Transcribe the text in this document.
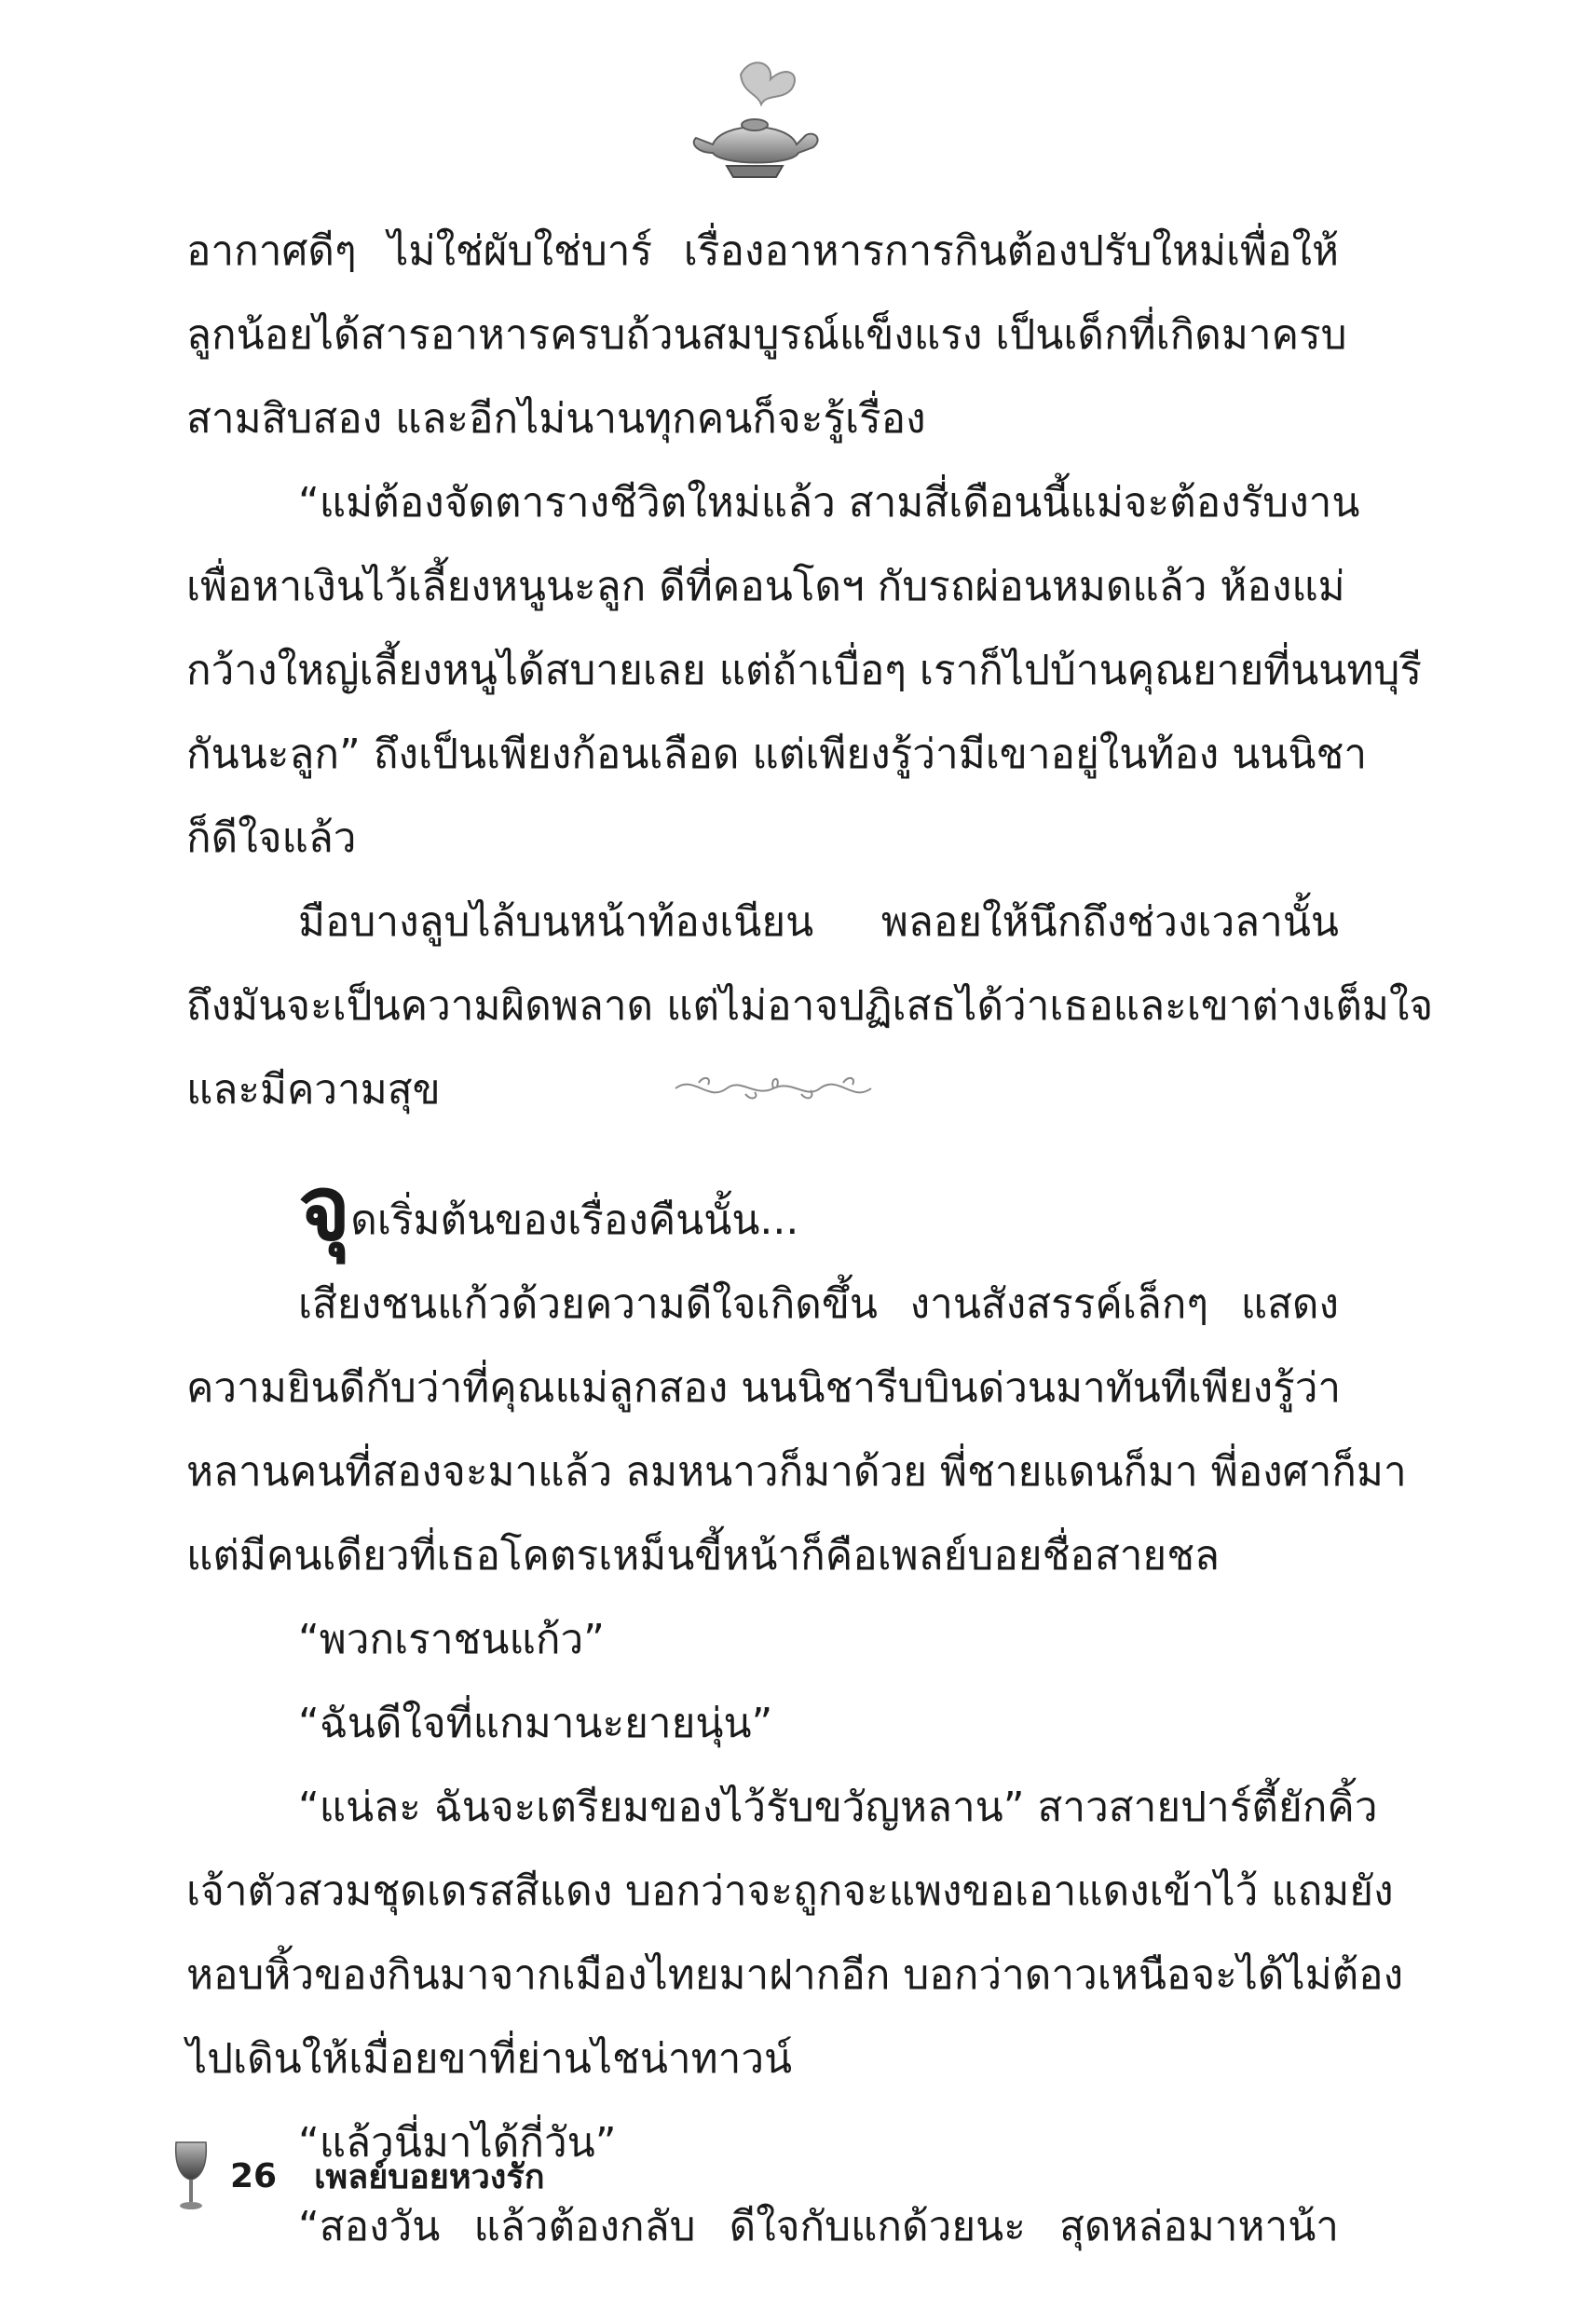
อากาศดีๆ ไม่ใช่ผับใช่บาร์ เรื่องอาหารการกินต้องปรับใหม่เพื่อให้
ลูกน้อยได้สารอาหารครบถ้วนสมบูรณ์แข็งแรง เป็นเด็กที่เกิดมาครบ
สามสิบสอง และอีกไม่นานทุกคนก็จะรู้เรื่อง
“แม่ต้องจัดตารางชีวิตใหม่แล้ว สามสี่เดือนนี้แม่จะต้องรับงาน
เพื่อหาเงินไว้เลี้ยงหนูนะลูก ดีที่คอนโดฯ กับรถผ่อนหมดแล้ว ห้องแม่
กว้างใหญ่เลี้ยงหนูได้สบายเลย แต่ถ้าเบื่อๆ เราก็ไปบ้านคุณยายที่นนทบุรี
กันนะลูก” ถึงเป็นเพียงก้อนเลือด แต่เพียงรู้ว่ามีเขาอยู่ในท้อง นนนิชา
ก็ดีใจแล้ว
มือบางลูบไล้บนหน้าท้องเนียน พลอยให้นึกถึงช่วงเวลานั้น
ถึงมันจะเป็นความผิดพลาด แต่ไม่อาจปฏิเสธได้ว่าเธอและเขาต่างเต็มใจ
และมีความสุข
จุดเริ่มต้นของเรื่องคืนนั้น...
เสียงชนแก้วด้วยความดีใจเกิดขึ้น งานสังสรรค์เล็กๆ แสดง
ความยินดีกับว่าที่คุณแม่ลูกสอง นนนิชารีบบินด่วนมาทันทีเพียงรู้ว่า
หลานคนที่สองจะมาแล้ว ลมหนาวก็มาด้วย พี่ชายแดนก็มา พี่องศาก็มา
แต่มีคนเดียวที่เธอโคตรเหม็นขี้หน้าก็คือเพลย์บอยชื่อสายชล
“พวกเราชนแก้ว”
“ฉันดีใจที่แกมานะยายนุ่น”
“แน่ละ ฉันจะเตรียมของไว้รับขวัญหลาน” สาวสายปาร์ตี้ยักคิ้ว
เจ้าตัวสวมชุดเดรสสีแดง บอกว่าจะถูกจะแพงขอเอาแดงเข้าไว้ แถมยัง
หอบหิ้วของกินมาจากเมืองไทยมาฝากอีก บอกว่าดาวเหนือจะได้ไม่ต้อง
ไปเดินให้เมื่อยขาที่ย่านไชน่าทาวน์
“แล้วนี่มาได้กี่วัน”
“สองวัน แล้วต้องกลับ ดีใจกับแกด้วยนะ สุดหล่อมาหาน้า
26 เพลย์บอยหวงรัก
